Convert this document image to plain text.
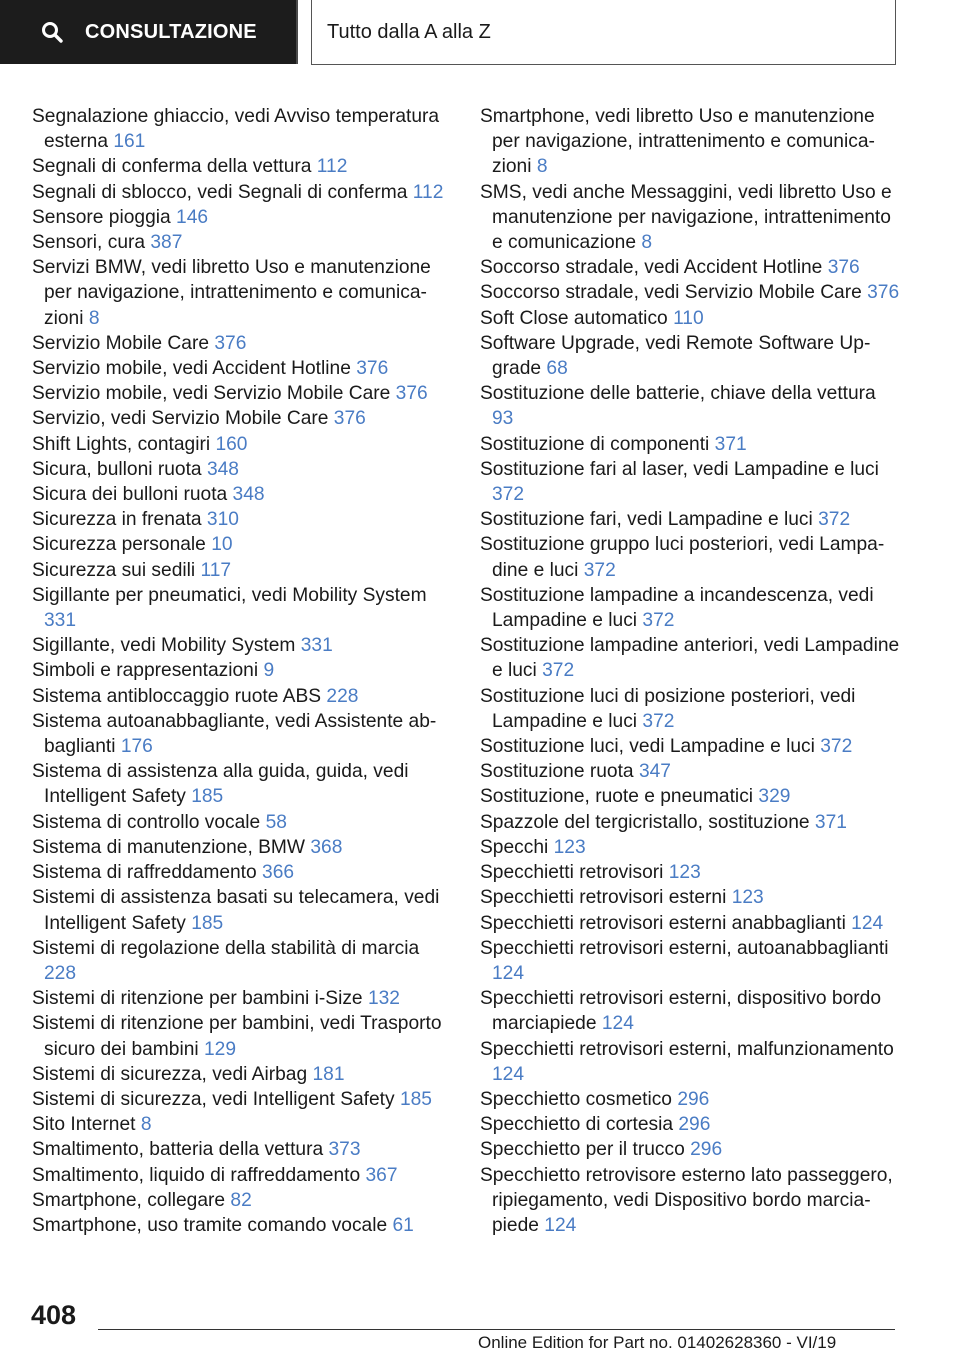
CONSULTAZIONE	Tutto dalla A alla Z

Segnalazione ghiaccio, vedi Avviso temperatura esterna 161

Segnali di conferma della vettura 112

Segnali di sblocco, vedi Segnali di conferma 112

Sensore pioggia 146

Sensori, cura 387

Servizi BMW, vedi libretto Uso e manutenzione per navigazione, intrattenimento e comunicazioni 8

Servizio Mobile Care 376

Servizio mobile, vedi Accident Hotline 376

Servizio mobile, vedi Servizio Mobile Care 376

Servizio, vedi Servizio Mobile Care 376

Shift Lights, contagiri 160

Sicura, bulloni ruota 348

Sicura dei bulloni ruota 348

Sicurezza in frenata 310

Sicurezza personale 10

Sicurezza sui sedili 117

Sigillante per pneumatici, vedi Mobility System 331

Sigillante, vedi Mobility System 331

Simboli e rappresentazioni 9

Sistema antibloccaggio ruote ABS 228

Sistema autoanabbagliante, vedi Assistente abbaglianti 176

Sistema di assistenza alla guida, guida, vedi Intelligent Safety 185

Sistema di controllo vocale 58

Sistema di manutenzione, BMW 368

Sistema di raffreddamento 366

Sistemi di assistenza basati su telecamera, vedi Intelligent Safety 185

Sistemi di regolazione della stabilità di marcia 228

Sistemi di ritenzione per bambini i-Size 132

Sistemi di ritenzione per bambini, vedi Trasporto sicuro dei bambini 129

Sistemi di sicurezza, vedi Airbag 181

Sistemi di sicurezza, vedi Intelligent Safety 185

Sito Internet 8

Smaltimento, batteria della vettura 373

Smaltimento, liquido di raffreddamento 367

Smartphone, collegare 82

Smartphone, uso tramite comando vocale 61

Smartphone, vedi libretto Uso e manutenzione per navigazione, intrattenimento e comunicazioni 8

SMS, vedi anche Messaggini, vedi libretto Uso e manutenzione per navigazione, intrattenimento e comunicazione 8

Soccorso stradale, vedi Accident Hotline 376

Soccorso stradale, vedi Servizio Mobile Care 376

Soft Close automatico 110

Software Upgrade, vedi Remote Software Upgrade 68

Sostituzione delle batterie, chiave della vettura 93

Sostituzione di componenti 371

Sostituzione fari al laser, vedi Lampadine e luci 372

Sostituzione fari, vedi Lampadine e luci 372

Sostituzione gruppo luci posteriori, vedi Lampadine e luci 372

Sostituzione lampadine a incandescenza, vedi Lampadine e luci 372

Sostituzione lampadine anteriori, vedi Lampadine e luci 372

Sostituzione luci di posizione posteriori, vedi Lampadine e luci 372

Sostituzione luci, vedi Lampadine e luci 372

Sostituzione ruota 347

Sostituzione, ruote e pneumatici 329

Spazzole del tergicristallo, sostituzione 371

Specchi 123

Specchietti retrovisori 123

Specchietti retrovisori esterni 123

Specchietti retrovisori esterni anabbaglianti 124

Specchietti retrovisori esterni, autoanabbaglianti 124

Specchietti retrovisori esterni, dispositivo bordo marciapiede 124

Specchietti retrovisori esterni, malfunzionamento 124

Specchietto cosmetico 296

Specchietto di cortesia 296

Specchietto per il trucco 296

Specchietto retrovisore esterno lato passeggero, ripiegamento, vedi Dispositivo bordo marciapiede 124

408
Online Edition for Part no. 01402628360 - VI/19
